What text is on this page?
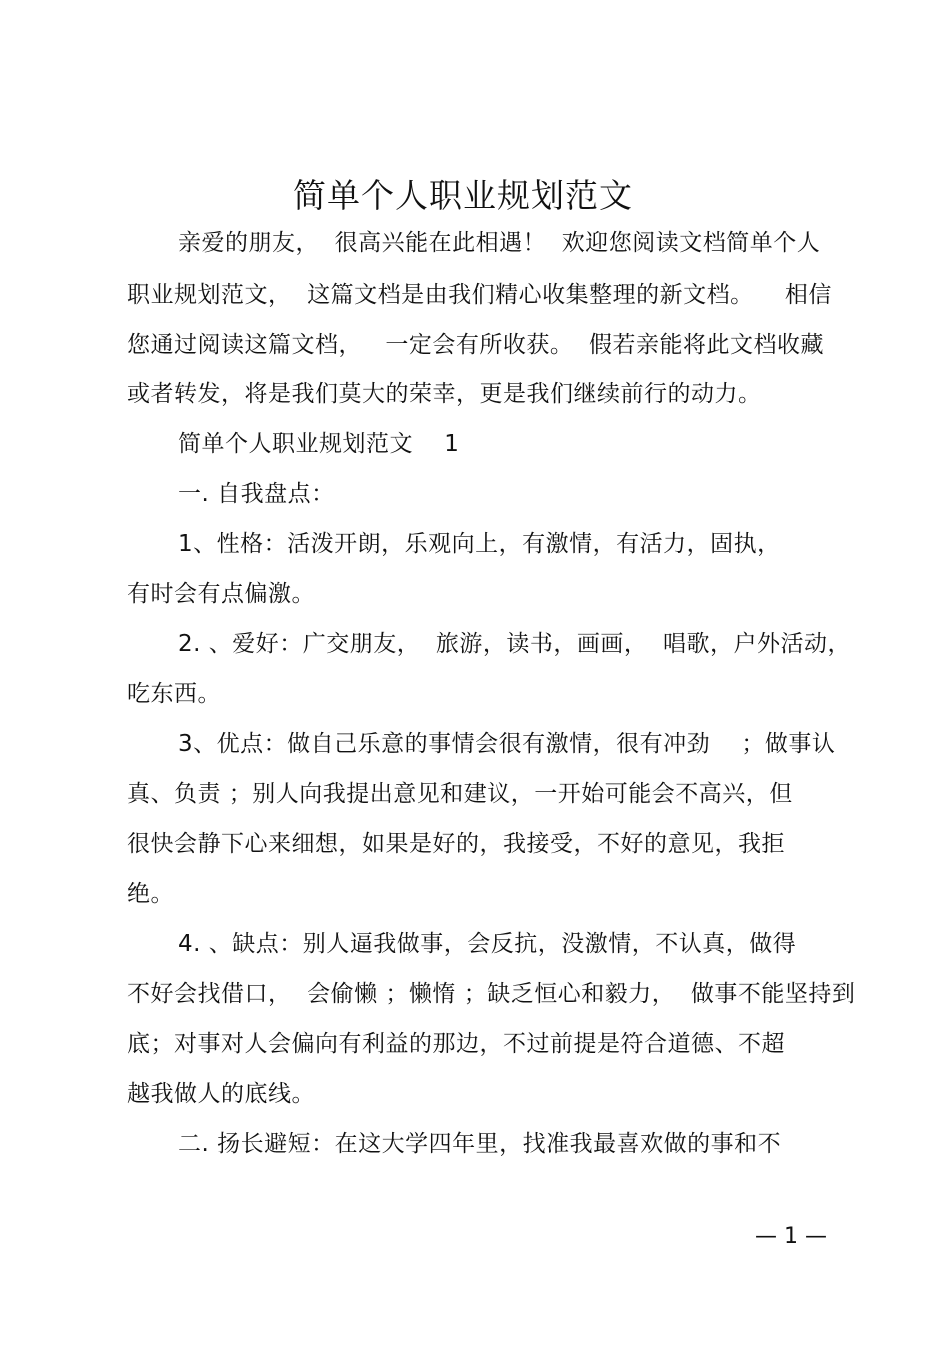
简单个人职业规划范文
亲爱的朋友，  很高兴能在此相遇！  欢迎您阅读文档简单个人
职业规划范文，  这篇文档是由我们精心收集整理的新文档。    相信
您通过阅读这篇文档，   一定会有所收获。  假若亲能将此文档收藏
或者转发，将是我们莫大的荣幸，更是我们继续前行的动力。
简单个人职业规划范文    1
一. 自我盘点：
1、性格：活泼开朗，乐观向上，有激情，有活力，固执，
有时会有点偏激。
2. 、爱好：广交朋友，  旅游，读书，画画，  唱歌，户外活动，
吃东西。
3、优点：做自己乐意的事情会很有激情，很有冲劲    ；做事认
真、负责 ；别人向我提出意见和建议，一开始可能会不高兴，但
很快会静下心来细想，如果是好的，我接受，不好的意见，我拒
绝。
4. 、缺点：别人逼我做事，会反抗，没激情，不认真，做得
不好会找借口，  会偷懒 ；懒惰 ；缺乏恒心和毅力，  做事不能坚持到
底；对事对人会偏向有利益的那边，不过前提是符合道德、不超
越我做人的底线。
二. 扬长避短：在这大学四年里，找准我最喜欢做的事和不
— 1 —
